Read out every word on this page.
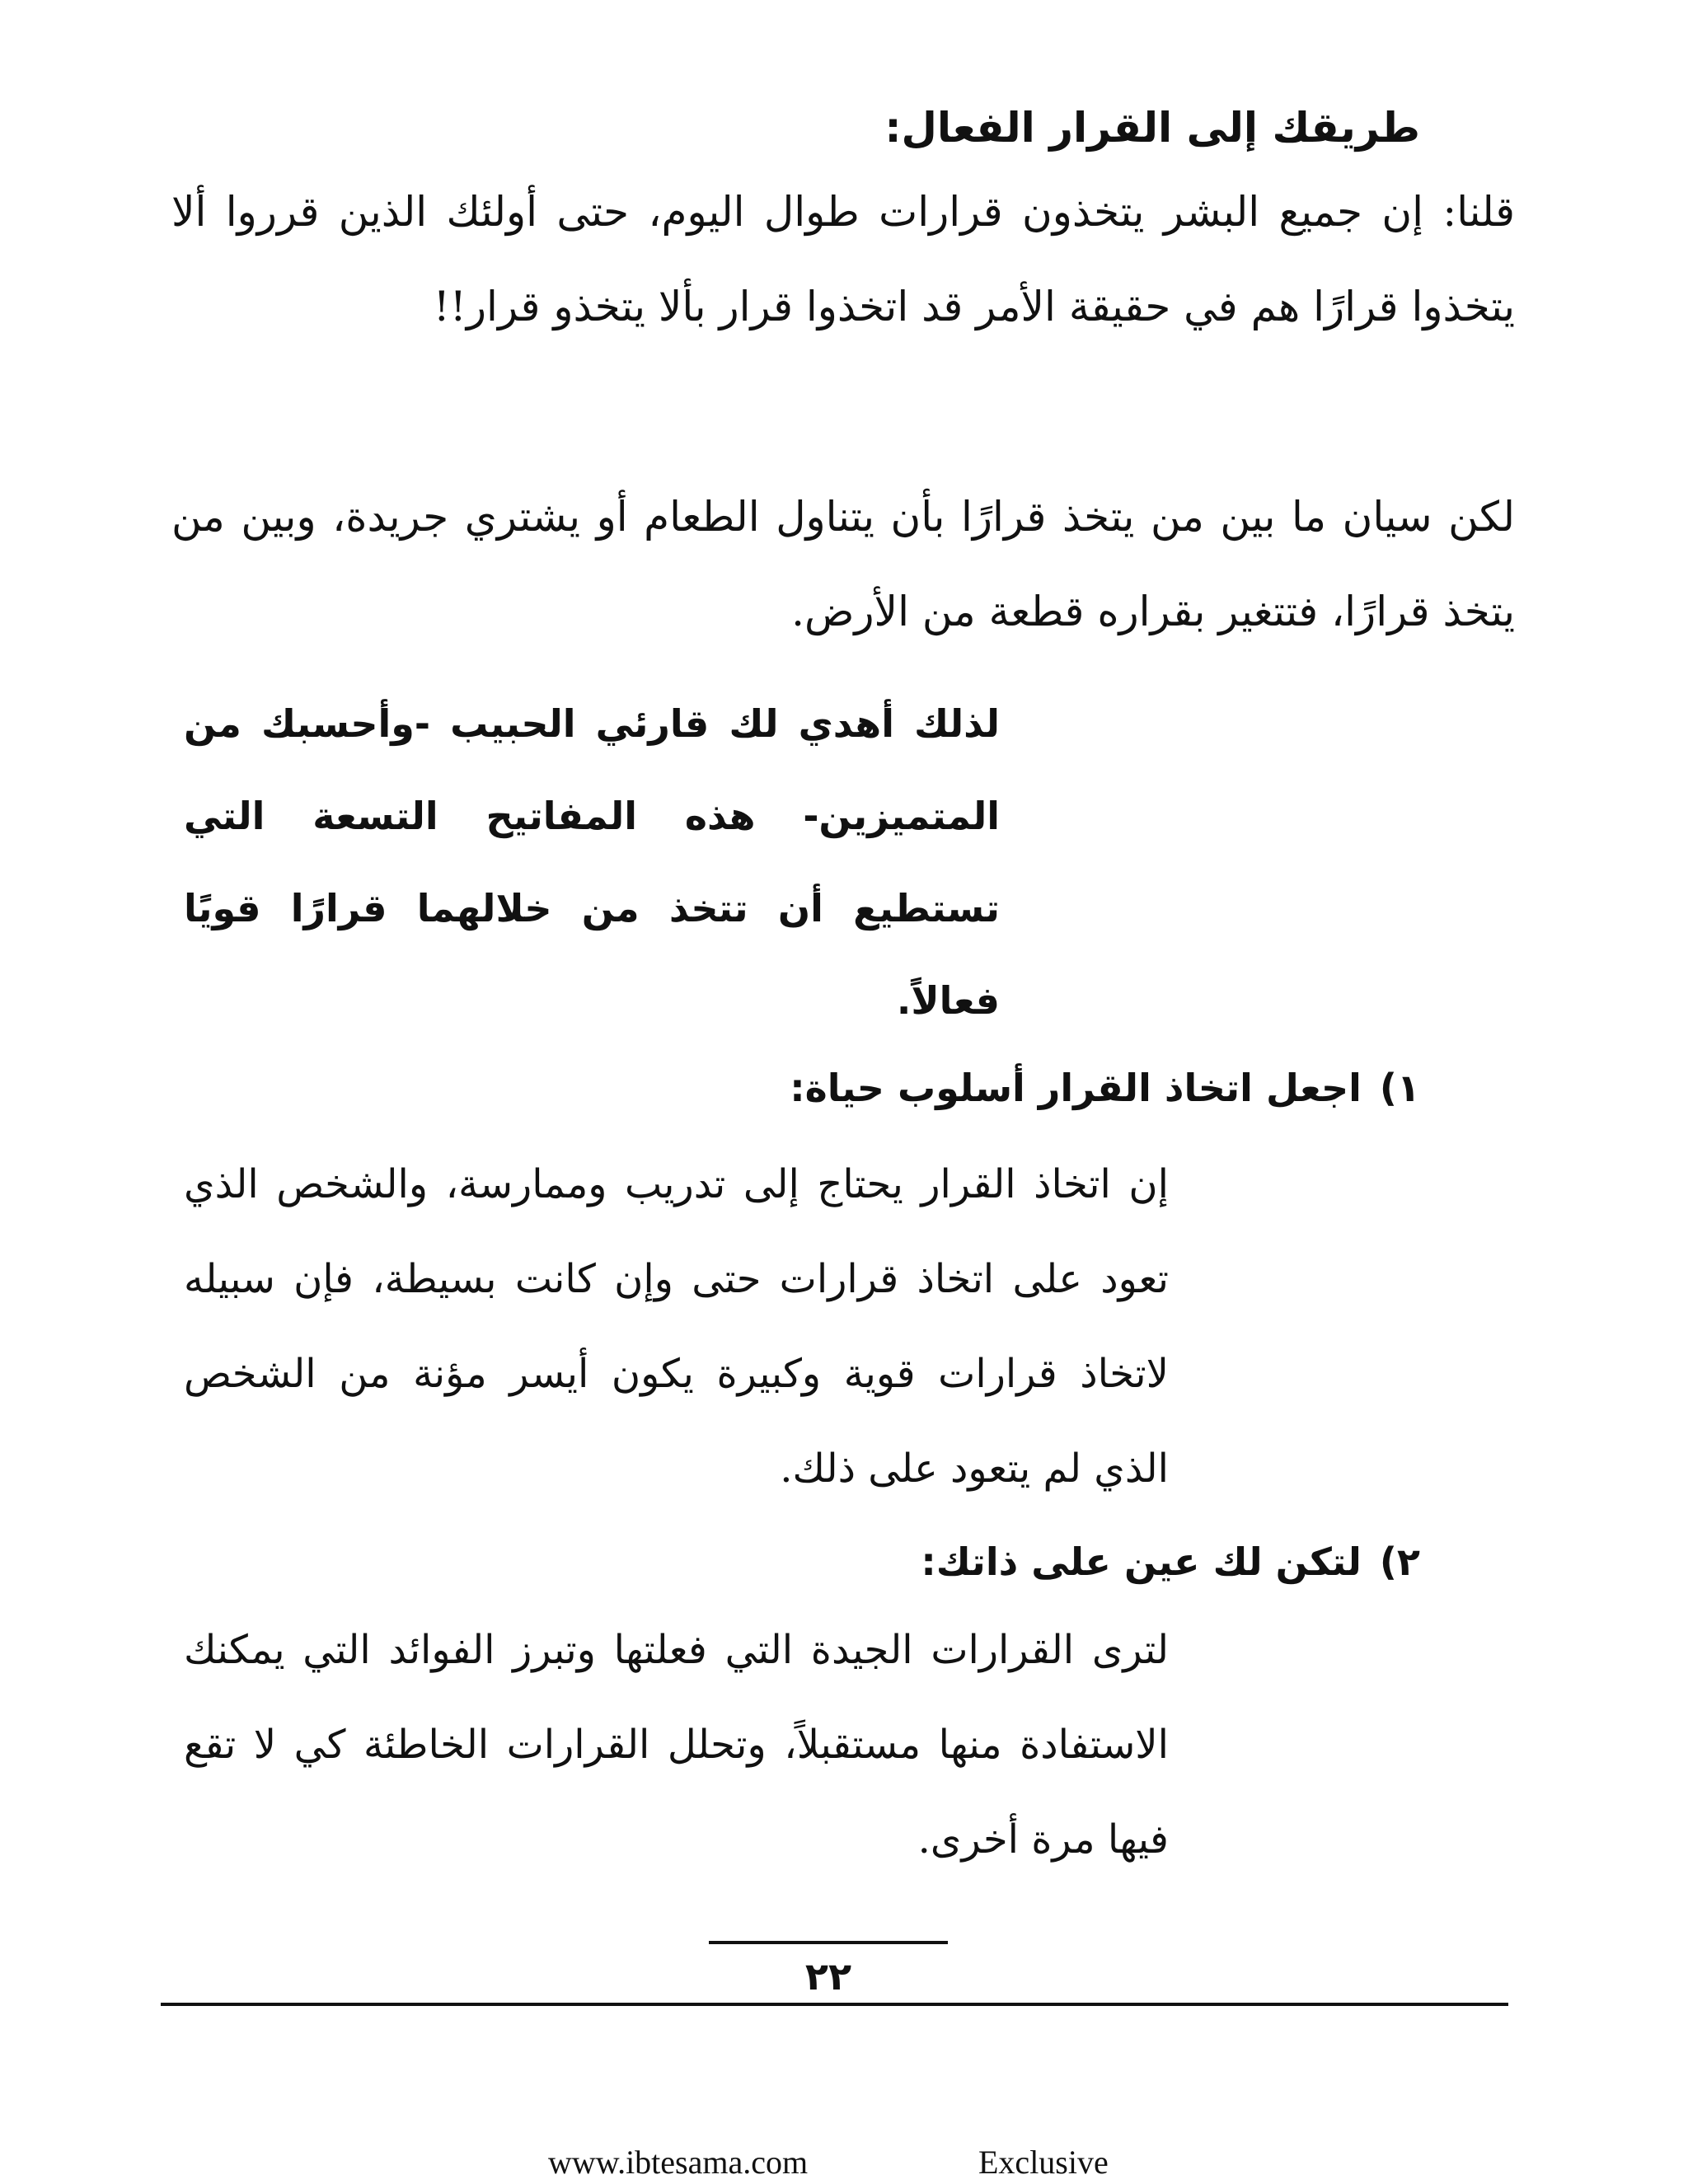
طريقك إلى القرار الفعال:

قلنا: إن جميع البشر يتخذون قرارات طوال اليوم، حتى أولئك الذين قرروا ألا يتخذوا قرارًا هم في حقيقة الأمر قد اتخذوا قرار بألا يتخذو قرار!!

لكن سيان ما بين من يتخذ قرارًا بأن يتناول الطعام أو يشتري جريدة، وبين من يتخذ قرارًا، فتتغير بقراره قطعة من الأرض.

لذلك أهدي لك قارئي الحبيب -وأحسبك من المتميزين- هذه المفاتيح التسعة التي تستطيع أن تتخذ من خلالهما قرارًا قويًا فعالاً.

١)اجعل اتخاذ القرار أسلوب حياة:

إن اتخاذ القرار يحتاج إلى تدريب وممارسة، والشخص الذي تعود على اتخاذ قرارات حتى وإن كانت بسيطة، فإن سبيله لاتخاذ قرارات قوية وكبيرة يكون أيسر مؤنة من الشخص الذي لم يتعود على ذلك.

٢)لتكن لك عين على ذاتك:

لترى القرارات الجيدة التي فعلتها وتبرز الفوائد التي يمكنك الاستفادة منها مستقبلاً، وتحلل القرارات الخاطئة كي لا تقع فيها مرة أخرى.

٢٢
www.ibtesama.com	Exclusive
